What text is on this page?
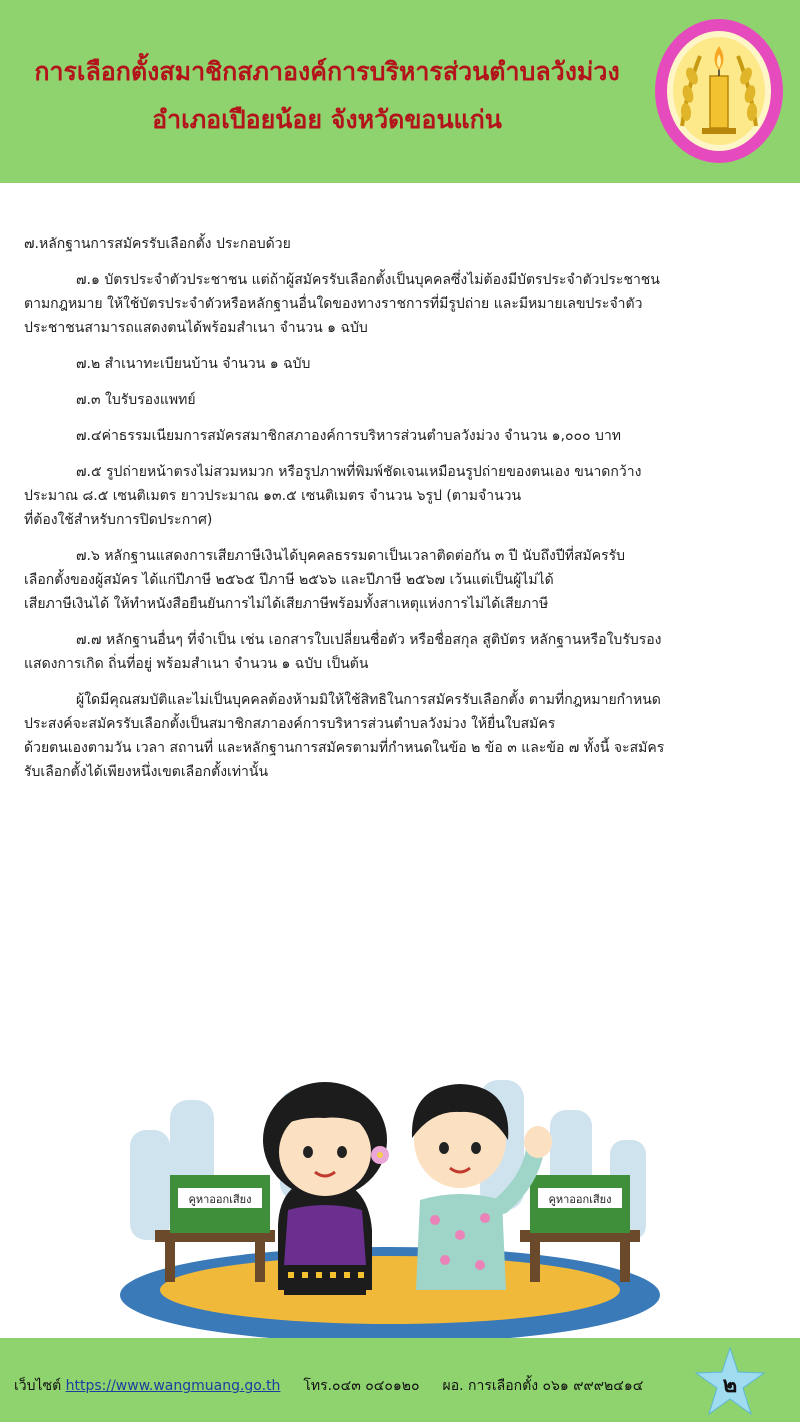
การเลือกตั้งสมาชิกสภาองค์การบริหารส่วนตำบลวังม่วง
อำเภอเปือยน้อย จังหวัดขอนแก่น

๗.หลักฐานการสมัครรับเลือกตั้ง ประกอบด้วย

๗.๑ บัตรประจำตัวประชาชน แต่ถ้าผู้สมัครรับเลือกตั้งเป็นบุคคลซึ่งไม่ต้องมีบัตรประจำตัวประชาชน
ตามกฎหมาย ให้ใช้บัตรประจำตัวหรือหลักฐานอื่นใดของทางราชการที่มีรูปถ่าย และมีหมายเลขประจำตัว
ประชาชนสามารถแสดงตนได้พร้อมสำเนา จำนวน ๑ ฉบับ

๗.๒ สำเนาทะเบียนบ้าน จำนวน ๑ ฉบับ

๗.๓ ใบรับรองแพทย์

๗.๔ค่าธรรมเนียมการสมัครสมาชิกสภาองค์การบริหารส่วนตำบลวังม่วง จำนวน ๑,๐๐๐ บาท

๗.๕ รูปถ่ายหน้าตรงไม่สวมหมวก หรือรูปภาพที่พิมพ์ชัดเจนเหมือนรูปถ่ายของตนเอง ขนาดกว้าง
ประมาณ ๘.๕ เซนติเมตร ยาวประมาณ ๑๓.๕ เซนติเมตร จำนวน ๖รูป (ตามจำนวน
ที่ต้องใช้สำหรับการปิดประกาศ)

๗.๖ หลักฐานแสดงการเสียภาษีเงินได้บุคคลธรรมดาเป็นเวลาติดต่อกัน ๓ ปี นับถึงปีที่สมัครรับ
เลือกตั้งของผู้สมัคร ได้แก่ปีภาษี ๒๕๖๕ ปีภาษี ๒๕๖๖ และปีภาษี ๒๕๖๗ เว้นแต่เป็นผู้ไม่ได้
เสียภาษีเงินได้ ให้ทำหนังสือยืนยันการไม่ได้เสียภาษีพร้อมทั้งสาเหตุแห่งการไม่ได้เสียภาษี

๗.๗ หลักฐานอื่นๆ ที่จำเป็น เช่น เอกสารใบเปลี่ยนชื่อตัว หรือชื่อสกุล สูติบัตร หลักฐานหรือใบรับรอง
แสดงการเกิด ถิ่นที่อยู่ พร้อมสำเนา จำนวน ๑ ฉบับ เป็นต้น

ผู้ใดมีคุณสมบัติและไม่เป็นบุคคลต้องห้ามมิให้ใช้สิทธิในการสมัครรับเลือกตั้ง ตามที่กฎหมายกำหนด
ประสงค์จะสมัครรับเลือกตั้งเป็นสมาชิกสภาองค์การบริหารส่วนตำบลวังม่วง ให้ยื่นใบสมัคร
ด้วยตนเองตามวัน เวลา สถานที่ และหลักฐานการสมัครตามที่กำหนดในข้อ ๒ ข้อ ๓ และข้อ ๗ ทั้งนี้ จะสมัคร
รับเลือกตั้งได้เพียงหนึ่งเขตเลือกตั้งเท่านั้น

คูหาออกเสียง	คูหาออกเสียง
เว็บไซต์ https://www.wangmuang.go.th โทร.๐๔๓ ๐๔๐๑๒๐ ผอ. การเลือกตั้ง ๐๖๑ ๙๙๙๒๔๑๔	๒
